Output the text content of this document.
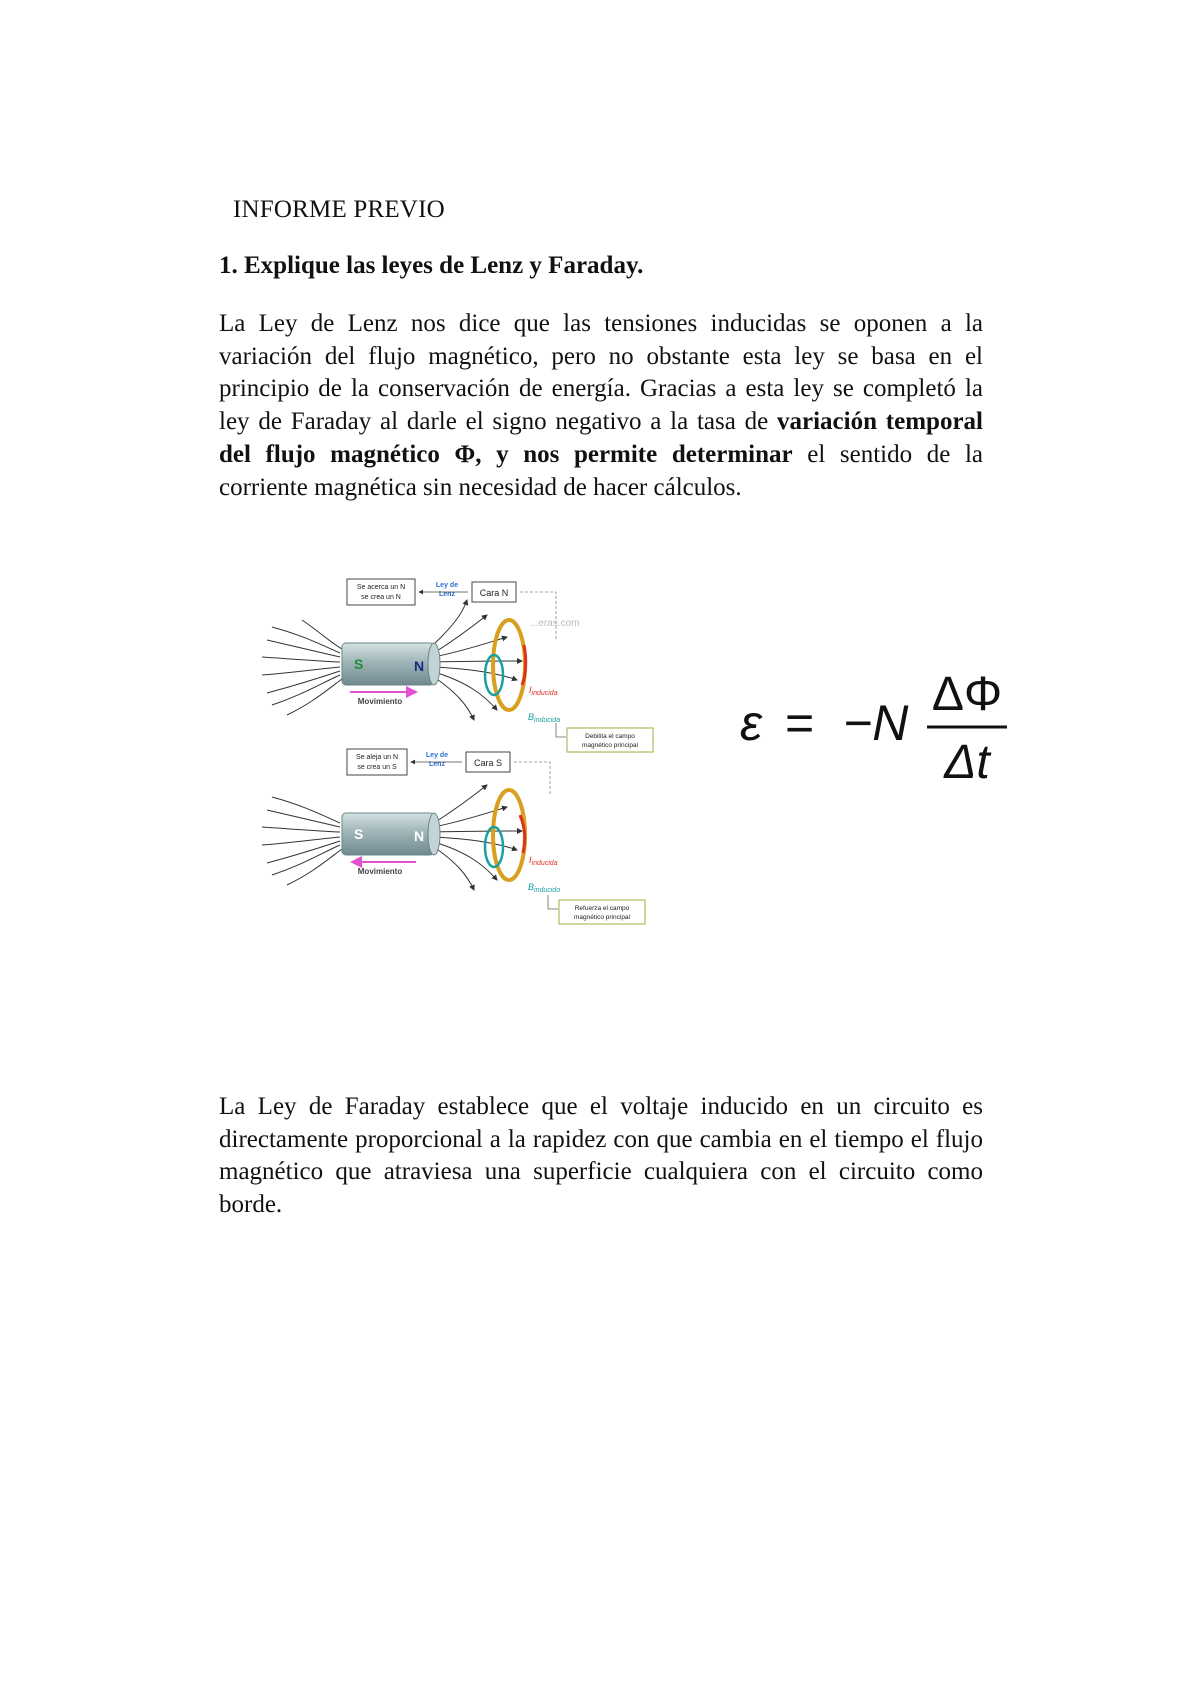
INFORME PREVIO

1. Explique las leyes de Lenz y Faraday.

La Ley de Lenz nos dice que las tensiones inducidas se oponen a la variación del flujo magnético, pero no obstante esta ley se basa en el principio de la conservación de energía. Gracias a esta ley se completó la ley de Faraday al darle el signo negativo a la tasa de variación temporal del flujo magnético Φ, y nos permite determinar el sentido de la corriente magnética sin necesidad de hacer cálculos.

Se acerca un N
se crea un N
Ley de
Lenz	Cara N
...eras.com
S	N
Movimiento
$I_{inducida}$
$B_{inducida}$
Debilita el campo
magnético principal
Se aleja un N
se crea un S
Ley de
Lenz	Cara S
S	N
Movimiento
$I_{inducida}$
$B_{inducido}$
Refuerza el campo
magnético principal
ε = −N
ΔΦ
Δt

La Ley de Faraday establece que el voltaje inducido en un circuito es directamente proporcional a la rapidez con que cambia en el tiempo el flujo magnético que atraviesa una superficie cualquiera con el circuito como borde.
